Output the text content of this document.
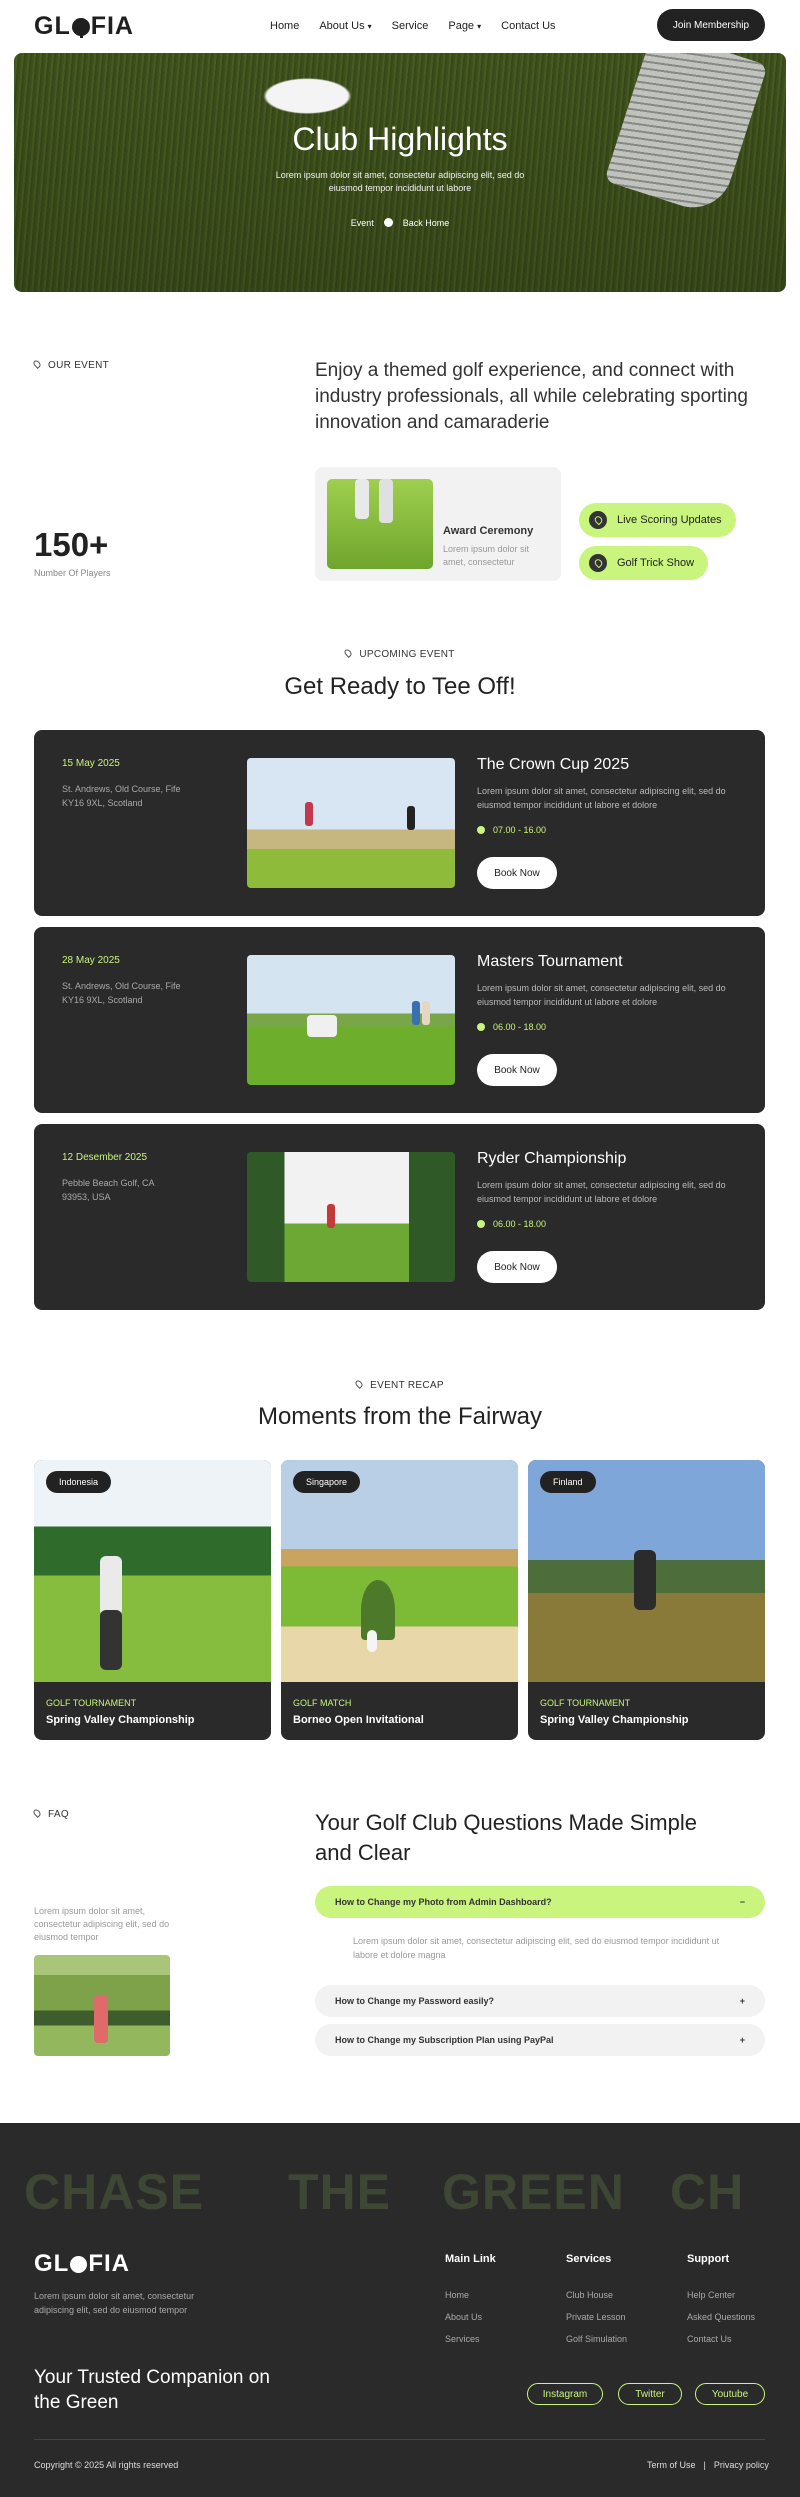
GL FIA	Home About Us ▾ Service Page ▾ Contact Us	Join Membership
Club Highlights
Lorem ipsum dolor sit amet, consectetur adipiscing elit, sed do eiusmod tempor incididunt ut labore
Event	Back Home
OUR EVENT	Enjoy a themed golf experience, and connect with industry professionals, all while celebrating sporting innovation and camaraderie
150+
Number Of Players
Award Ceremony
Lorem ipsum dolor sit amet, consectetur
Live Scoring Updates
Golf Trick Show
UPCOMING EVENT
Get Ready to Tee Off!
15 May 2025
St. Andrews, Old Course, Fife KY16 9XL, Scotland
The Crown Cup 2025
Lorem ipsum dolor sit amet, consectetur adipiscing elit, sed do eiusmod tempor incididunt ut labore et dolore
07.00 - 16.00
Book Now
28 May 2025
St. Andrews, Old Course, Fife KY16 9XL, Scotland
Masters Tournament
Lorem ipsum dolor sit amet, consectetur adipiscing elit, sed do eiusmod tempor incididunt ut labore et dolore
06.00 - 18.00
Book Now
12 Desember 2025
Pebble Beach Golf, CA 93953, USA
Ryder Championship
Lorem ipsum dolor sit amet, consectetur adipiscing elit, sed do eiusmod tempor incididunt ut labore et dolore
06.00 - 18.00
Book Now
EVENT RECAP
Moments from the Fairway
Indonesia
GOLF TOURNAMENT
Spring Valley Championship
Singapore
GOLF MATCH
Borneo Open Invitational
Finland
GOLF TOURNAMENT
Spring Valley Championship
FAQ	Your Golf Club Questions Made Simple and Clear
Lorem ipsum dolor sit amet, consectetur adipiscing elit, sed do eiusmod tempor
How to Change my Photo from Admin Dashboard?	−
Lorem ipsum dolor sit amet, consectetur adipiscing elit, sed do eiusmod tempor incididunt ut labore et dolore magna
How to Change my Password easily?	+
How to Change my Subscription Plan using PayPal	+
CHASE THE GREEN CH
GL FIA
Lorem ipsum dolor sit amet, consectetur adipiscing elit, sed do eiusmod tempor
Main Link
Home
About Us
Services
Services
Club House
Private Lesson
Golf Simulation
Support
Help Center
Asked Questions
Contact Us
Your Trusted Companion on the Green	Instagram	Twitter	Youtube
Copyright © 2025 All rights reserved	Term of Use | Privacy policy
